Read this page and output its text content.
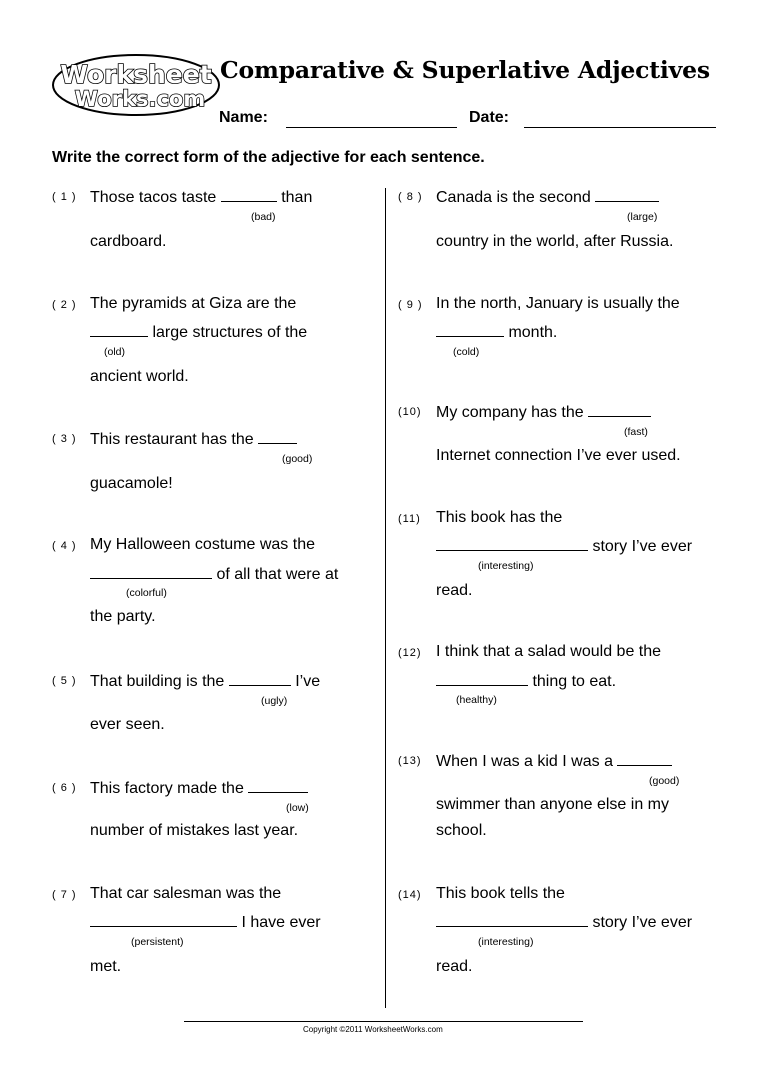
Worksheet
Works.com
Comparative & Superlative Adjectives
Name:	Date:
Write the correct form of the adjective for each sentence.
( 1 ) Those tacos taste	than
(bad)
cardboard.
( 2 ) The pyramids at Giza are the
large structures of the
(old)
ancient world.
( 3 ) This restaurant has the
(good)
guacamole!
( 4 ) My Halloween costume was the
of all that were at
(colorful)
the party.
( 5 ) That building is the	I’ve
(ugly)
ever seen.
( 6 ) This factory made the
(low)
number of mistakes last year.
( 7 ) That car salesman was the
I have ever
(persistent)
met.
( 8 ) Canada is the second
(large)
country in the world, after Russia.
( 9 ) In the north, January is usually the
month.
(cold)
(10) My company has the
(fast)
Internet connection I’ve ever used.
(11) This book has the
story I’ve ever
(interesting)
read.
(12) I think that a salad would be the
thing to eat.
(healthy)
(13) When I was a kid I was a
(good)
swimmer than anyone else in my
school.
(14) This book tells the
story I’ve ever
(interesting)
read.
Copyright ©2011 WorksheetWorks.com
